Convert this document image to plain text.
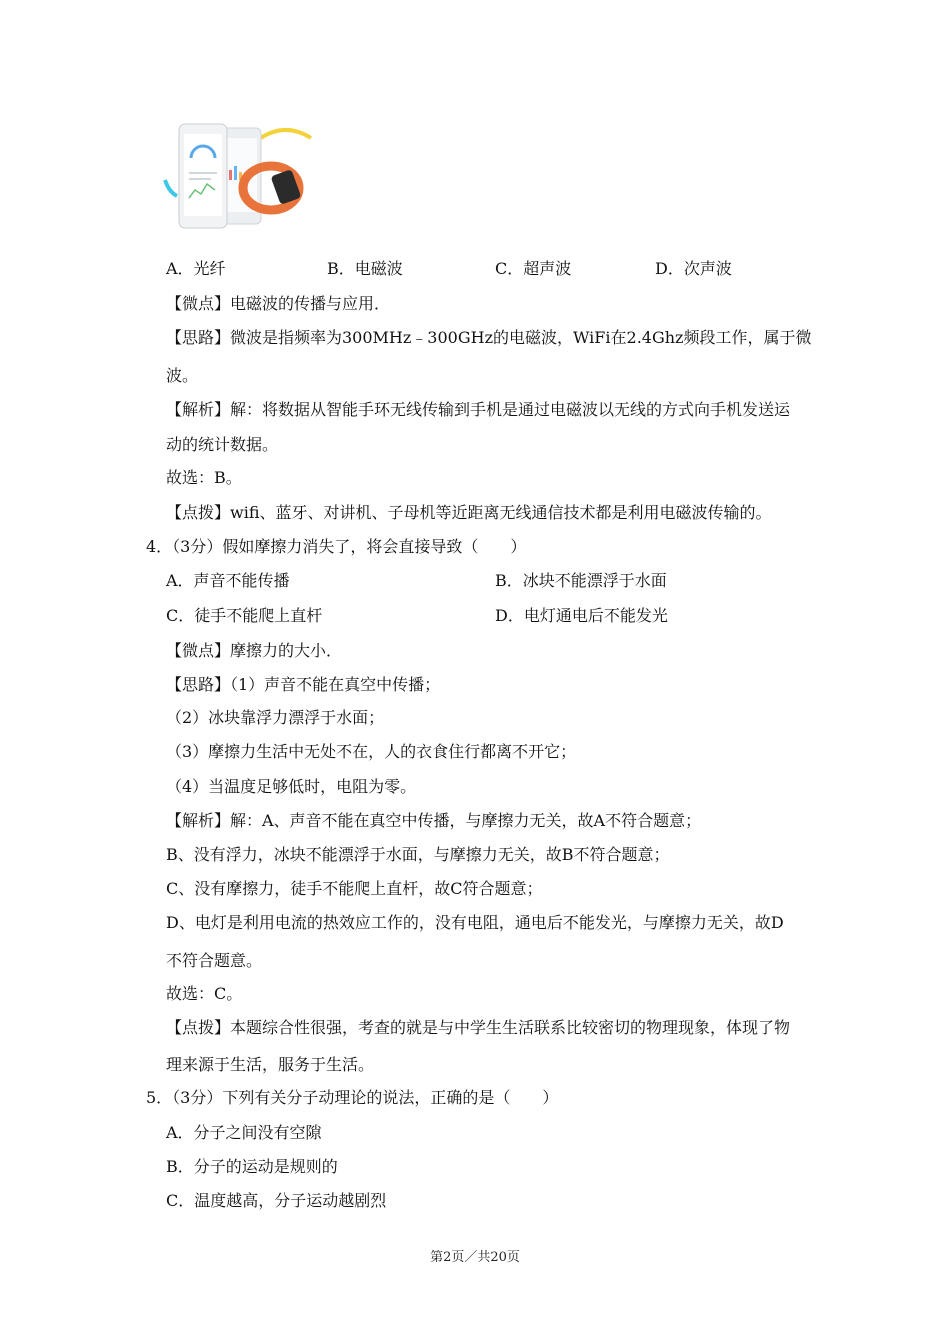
A．光纤	B．电磁波	C．超声波	D．次声波
【微点】电磁波的传播与应用．
【思路】微波是指频率为300MHz﹣300GHz的电磁波，WiFi在2.4Ghz频段工作，属于微
波。
【解析】解：将数据从智能手环无线传输到手机是通过电磁波以无线的方式向手机发送运
动的统计数据。
故选：B。
【点拨】wifi、蓝牙、对讲机、子母机等近距离无线通信技术都是利用电磁波传输的。
4．（3分）假如摩擦力消失了，将会直接导致（　　）
A．声音不能传播	B．冰块不能漂浮于水面
C．徒手不能爬上直杆	D．电灯通电后不能发光
【微点】摩擦力的大小．
【思路】（1）声音不能在真空中传播；
（2）冰块靠浮力漂浮于水面；
（3）摩擦力生活中无处不在，人的衣食住行都离不开它；
（4）当温度足够低时，电阻为零。
【解析】解：A、声音不能在真空中传播，与摩擦力无关，故A不符合题意；
B、没有浮力，冰块不能漂浮于水面，与摩擦力无关，故B不符合题意；
C、没有摩擦力，徒手不能爬上直杆，故C符合题意；
D、电灯是利用电流的热效应工作的，没有电阻，通电后不能发光，与摩擦力无关，故D
不符合题意。
故选：C。
【点拨】本题综合性很强，考查的就是与中学生生活联系比较密切的物理现象，体现了物
理来源于生活，服务于生活。
5．（3分）下列有关分子动理论的说法，正确的是（　　）
A．分子之间没有空隙
B．分子的运动是规则的
C．温度越高，分子运动越剧烈
第2页／共20页
